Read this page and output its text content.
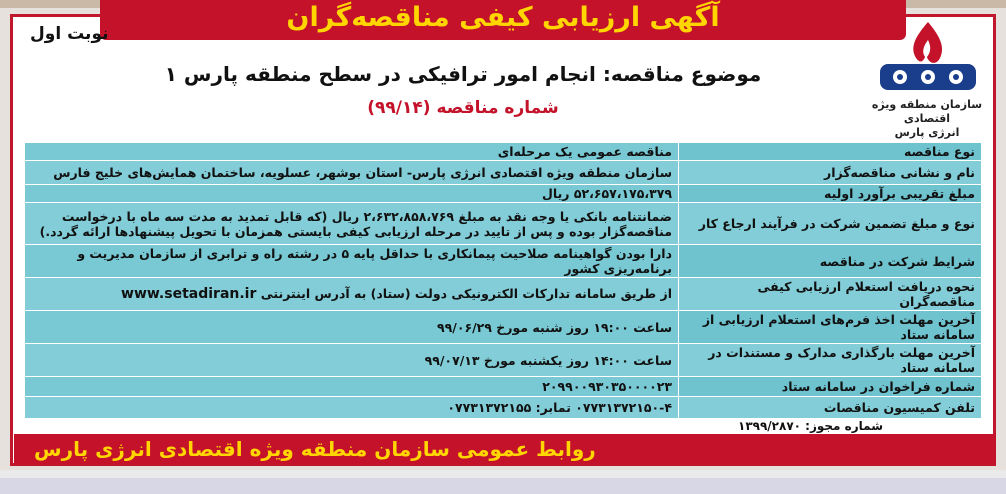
آگهی ارزیابی کیفی مناقصه‌گران
نوبت اول
سازمان منطقه ویژه اقتصادی
انرژی پارس
موضوع مناقصه: انجام امور ترافیکی در سطح منطقه پارس ۱
شماره مناقصه (۹۹/۱۴)
نوع مناقصه	مناقصه عمومی یک مرحله‌ای
نام و نشانی مناقصه‌گزار	سازمان منطقه ویژه اقتصادی انرژی پارس- استان بوشهر، عسلویه، ساختمان همایش‌های خلیج فارس
مبلغ تقریبی برآورد اولیه	۵۲،۶۵۷،۱۷۵،۳۷۹ ریال
نوع و مبلغ تضمین شرکت در فرآیند ارجاع کار	ضمانتنامه بانکی یا وجه نقد به مبلغ ۲،۶۳۲،۸۵۸،۷۶۹ ریال (که قابل تمدید به مدت سه ماه با درخواست مناقصه‌گزار بوده و پس از تایید در مرحله ارزیابی کیفی بایستی همزمان با تحویل پیشنهادها ارائه گردد.)
شرایط شرکت در مناقصه	دارا بودن گواهینامه صلاحیت پیمانکاری با حداقل پایه ۵ در رشته راه و ترابری از سازمان مدیریت و برنامه‌ریزی کشور
نحوه دریافت استعلام ارزیابی کیفی مناقصه‌گران	از طریق سامانه تدارکات الکترونیکی دولت (ستاد) به آدرس اینترنتی www.setadiran.ir
آخرین مهلت اخذ فرم‌های استعلام ارزیابی از سامانه ستاد	ساعت ۱۹:۰۰ روز شنبه مورخ ۹۹/۰۶/۲۹
آخرین مهلت بارگذاری مدارک و مستندات در سامانه ستاد	ساعت ۱۴:۰۰ روز یکشنبه مورخ ۹۹/۰۷/۱۳
شماره فراخوان در سامانه ستاد	۲۰۹۹۰۰۹۳۰۳۵۰۰۰۰۲۳
تلفن کمیسیون مناقصات	۰۷۷۳۱۳۷۲۱۵۰-۴ تمابر: ۰۷۷۳۱۳۷۲۱۵۵
شماره مجوز: ۱۳۹۹/۲۸۷۰
روابط عمومی سازمان منطقه ویژه اقتصادی انرژی پارس
